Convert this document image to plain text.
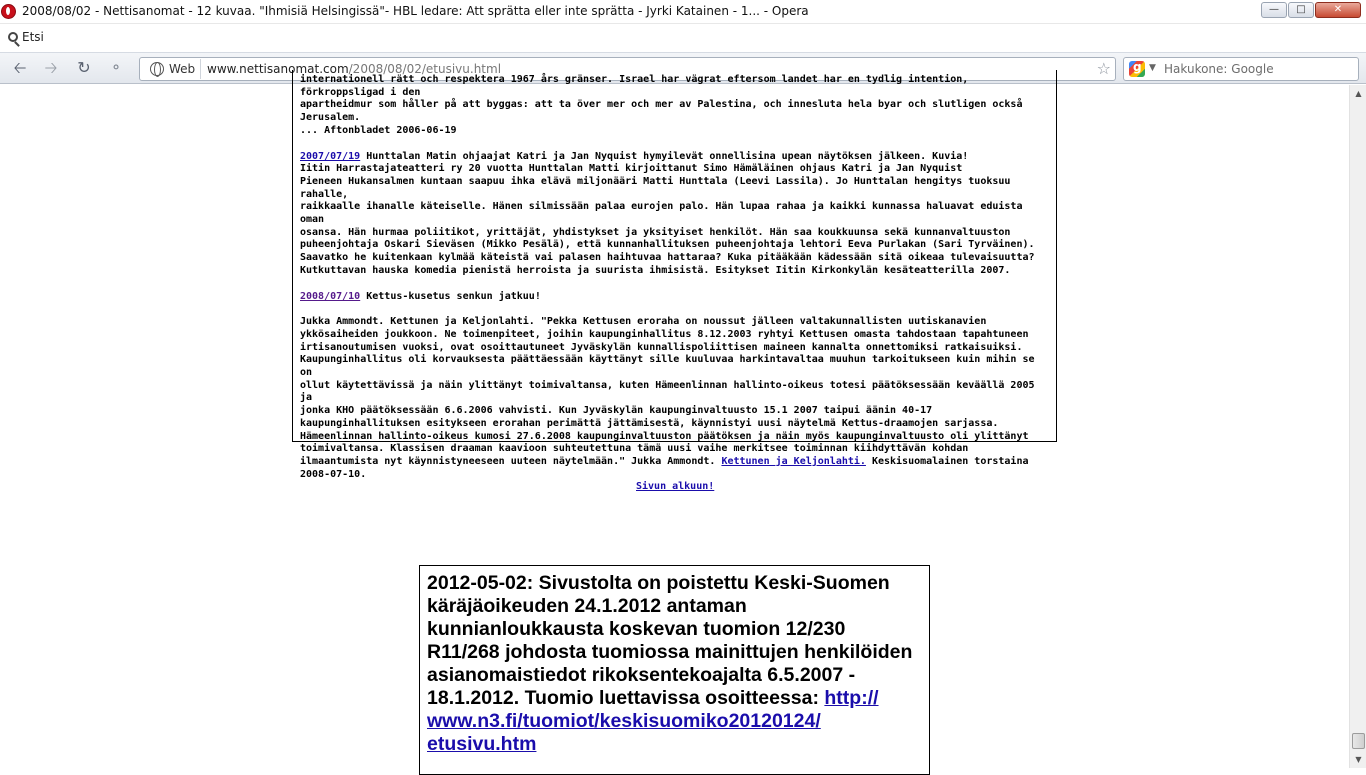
2008/08/02 - Nettisanomat - 12 kuvaa. "Ihmisiä Helsingissä"- HBL ledare: Att sprätta eller inte sprätta - Jyrki Katainen - 1... - Opera	—	□	✕
Etsi
🡠	🡢	↻	⚬	Web www.nettisanomat.com/2008/08/02/etusivu.html	☆
g	▼ Hakukone: Google
internationell rätt och respektera 1967 års gränser. Israel har vägrat eftersom landet har en tydlig intention, förkroppsligad i den
apartheidmur som håller på att byggas: att ta över mer och mer av Palestina, och innesluta hela byar och slutligen också
Jerusalem.
... Aftonbladet 2006-06-19
2007/07/19 Hunttalan Matin ohjaajat Katri ja Jan Nyquist hymyilevät onnellisina upean näytöksen jälkeen. Kuvia!
Iitin Harrastajateatteri ry 20 vuotta Hunttalan Matti kirjoittanut Simo Hämäläinen ohjaus Katri ja Jan Nyquist
Pieneen Hukansalmen kuntaan saapuu ihka elävä miljonääri Matti Hunttala (Leevi Lassila). Jo Hunttalan hengitys tuoksuu rahalle,
raikkaalle ihanalle käteiselle. Hänen silmissään palaa eurojen palo. Hän lupaa rahaa ja kaikki kunnassa haluavat eduista oman
osansa. Hän hurmaa poliitikot, yrittäjät, yhdistykset ja yksityiset henkilöt. Hän saa koukkuunsa sekä kunnanvaltuuston
puheenjohtaja Oskari Sieväsen (Mikko Pesälä), että kunnanhallituksen puheenjohtaja lehtori Eeva Purlakan (Sari Tyrväinen).
Saavatko he kuitenkaan kylmää käteistä vai palasen haihtuvaa hattaraa? Kuka pitääkään kädessään sitä oikeaa tulevaisuutta?
Kutkuttavan hauska komedia pienistä herroista ja suurista ihmisistä. Esitykset Iitin Kirkonkylän kesäteatterilla 2007.
2008/07/10 Kettus-kusetus senkun jatkuu!
Jukka Ammondt. Kettunen ja Keljonlahti. "Pekka Kettusen eroraha on noussut jälleen valtakunnallisten uutiskanavien
ykkösaiheiden joukkoon. Ne toimenpiteet, joihin kaupunginhallitus 8.12.2003 ryhtyi Kettusen omasta tahdostaan tapahtuneen
irtisanoutumisen vuoksi, ovat osoittautuneet Jyväskylän kunnallispoliittisen maineen kannalta onnettomiksi ratkaisuiksi.
Kaupunginhallitus oli korvauksesta päättäessään käyttänyt sille kuuluvaa harkintavaltaa muuhun tarkoitukseen kuin mihin se on
ollut käytettävissä ja näin ylittänyt toimivaltansa, kuten Hämeenlinnan hallinto-oikeus totesi päätöksessään keväällä 2005 ja
jonka KHO päätöksessään 6.6.2006 vahvisti. Kun Jyväskylän kaupunginvaltuusto 15.1 2007 taipui äänin 40-17
kaupunginhallituksen esitykseen erorahan perimättä jättämisestä, käynnistyi uusi näytelmä Kettus-draamojen sarjassa.
Hämeenlinnan hallinto-oikeus kumosi 27.6.2008 kaupunginvaltuuston päätöksen ja näin myös kaupunginvaltuusto oli ylittänyt
toimivaltansa. Klassisen draaman kaavioon suhteutettuna tämä uusi vaihe merkitsee toiminnan kiihdyttävän kohdan
ilmaantumista nyt käynnistyneeseen uuteen näytelmään." Jukka Ammondt. Kettunen ja Keljonlahti. Keskisuomalainen torstaina
2008-07-10.
Sivun alkuun!
2012-05-02: Sivustolta on poistettu Keski-Suomen käräjäoikeuden 24.1.2012 antaman kunnianloukkausta koskevan tuomion 12/230 R11/268 johdosta tuomiossa mainittujen henkilöiden asianomaistiedot rikoksentekoajalta 6.5.2007 - 18.1.2012. Tuomio luettavissa osoitteessa: http:// www.n3.fi/tuomiot/keskisuomiko20120124/ etusivu.htm
▲
▼
